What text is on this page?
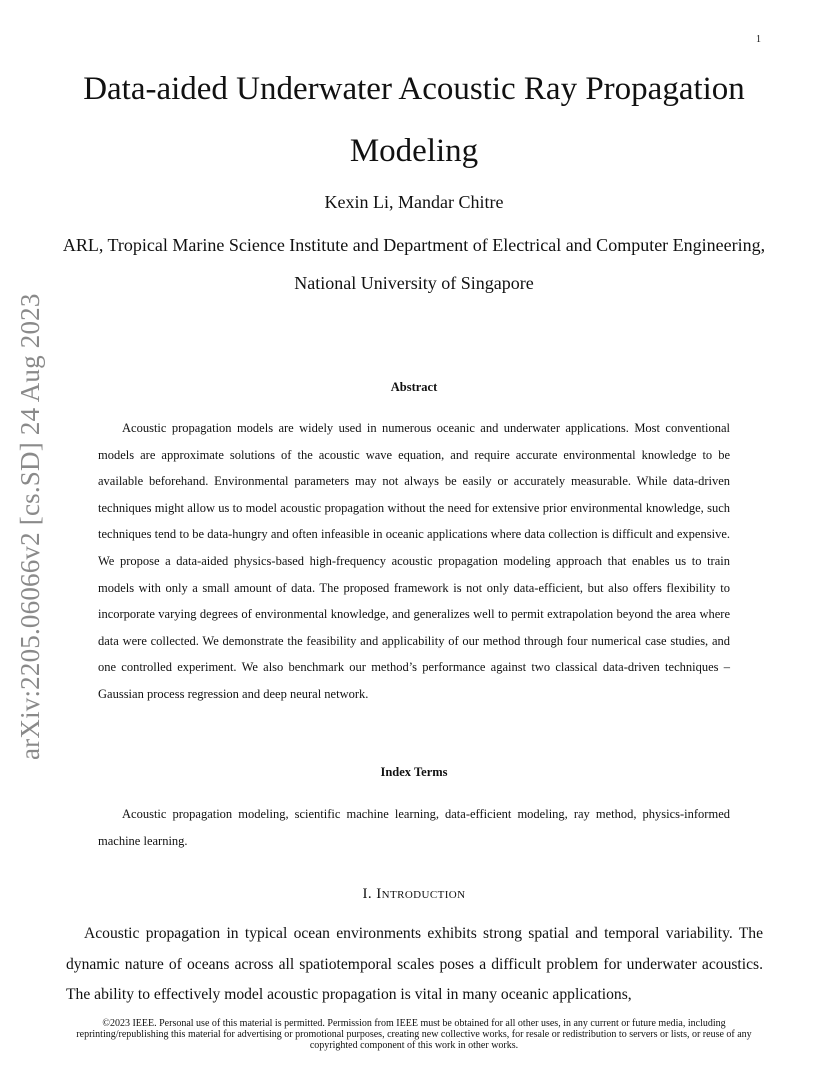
1
arXiv:2205.06066v2 [cs.SD] 24 Aug 2023
Data-aided Underwater Acoustic Ray Propagation Modeling
Kexin Li, Mandar Chitre
ARL, Tropical Marine Science Institute and Department of Electrical and Computer Engineering, National University of Singapore
Abstract

Acoustic propagation models are widely used in numerous oceanic and underwater applications. Most conventional models are approximate solutions of the acoustic wave equation, and require accurate environmental knowledge to be available beforehand. Environmental parameters may not always be easily or accurately measurable. While data-driven techniques might allow us to model acoustic propagation without the need for extensive prior environmental knowledge, such techniques tend to be data-hungry and often infeasible in oceanic applications where data collection is difficult and expensive. We propose a data-aided physics-based high-frequency acoustic propagation modeling approach that enables us to train models with only a small amount of data. The proposed framework is not only data-efficient, but also offers flexibility to incorporate varying degrees of environmental knowledge, and generalizes well to permit extrapolation beyond the area where data were collected. We demonstrate the feasibility and applicability of our method through four numerical case studies, and one controlled experiment. We also benchmark our method’s performance against two classical data-driven techniques – Gaussian process regression and deep neural network.

Index Terms

Acoustic propagation modeling, scientific machine learning, data-efficient modeling, ray method, physics-informed machine learning.

I. Introduction

Acoustic propagation in typical ocean environments exhibits strong spatial and temporal variability. The dynamic nature of oceans across all spatiotemporal scales poses a difficult problem for underwater acoustics. The ability to effectively model acoustic propagation is vital in many oceanic applications,

©2023 IEEE. Personal use of this material is permitted. Permission from IEEE must be obtained for all other uses, in any current or future media, including reprinting/republishing this material for advertising or promotional purposes, creating new collective works, for resale or redistribution to servers or lists, or reuse of any copyrighted component of this work in other works.
